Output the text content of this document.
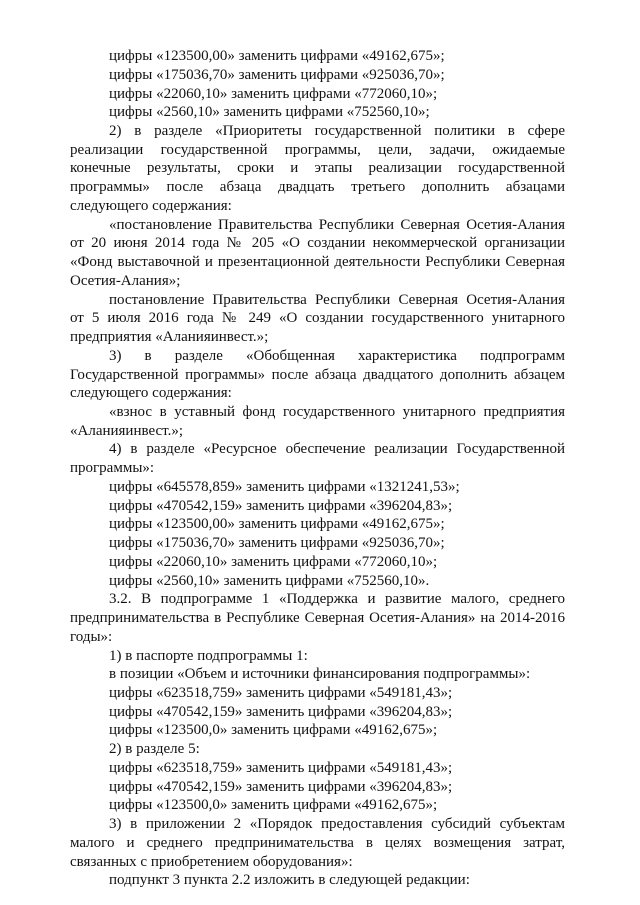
цифры «123500,00» заменить цифрами «49162,675»;
цифры «175036,70» заменить цифрами «925036,70»;
цифры «22060,10» заменить цифрами «772060,10»;
цифры «2560,10» заменить цифрами «752560,10»;
2) в разделе «Приоритеты государственной политики в сфере
реализации государственной программы, цели, задачи, ожидаемые
конечные результаты, сроки и этапы реализации государственной
программы» после абзаца двадцать третьего дополнить абзацами
следующего содержания:
«постановление Правительства Республики Северная Осетия-Алания
от 20 июня 2014 года № 205 «О создании некоммерческой организации
«Фонд выставочной и презентационной деятельности Республики Северная
Осетия-Алания»;
постановление Правительства Республики Северная Осетия-Алания
от 5 июля 2016 года № 249 «О создании государственного унитарного
предприятия «Аланияинвест.»;
3) в разделе «Обобщенная характеристика подпрограмм
Государственной программы» после абзаца двадцатого дополнить абзацем
следующего содержания:
«взнос в уставный фонд государственного унитарного предприятия
«Аланияинвест.»;
4) в разделе «Ресурсное обеспечение реализации Государственной
программы»:
цифры «645578,859» заменить цифрами «1321241,53»;
цифры «470542,159» заменить цифрами «396204,83»;
цифры «123500,00» заменить цифрами «49162,675»;
цифры «175036,70» заменить цифрами «925036,70»;
цифры «22060,10» заменить цифрами «772060,10»;
цифры «2560,10» заменить цифрами «752560,10».
3.2. В подпрограмме 1 «Поддержка и развитие малого, среднего
предпринимательства в Республике Северная Осетия-Алания» на 2014-2016
годы»:
1) в паспорте подпрограммы 1:
в позиции «Объем и источники финансирования подпрограммы»:
цифры «623518,759» заменить цифрами «549181,43»;
цифры «470542,159» заменить цифрами «396204,83»;
цифры «123500,0» заменить цифрами «49162,675»;
2) в разделе 5:
цифры «623518,759» заменить цифрами «549181,43»;
цифры «470542,159» заменить цифрами «396204,83»;
цифры «123500,0» заменить цифрами «49162,675»;
3) в приложении 2 «Порядок предоставления субсидий субъектам
малого и среднего предпринимательства в целях возмещения затрат,
связанных с приобретением оборудования»:
подпункт 3 пункта 2.2 изложить в следующей редакции:
